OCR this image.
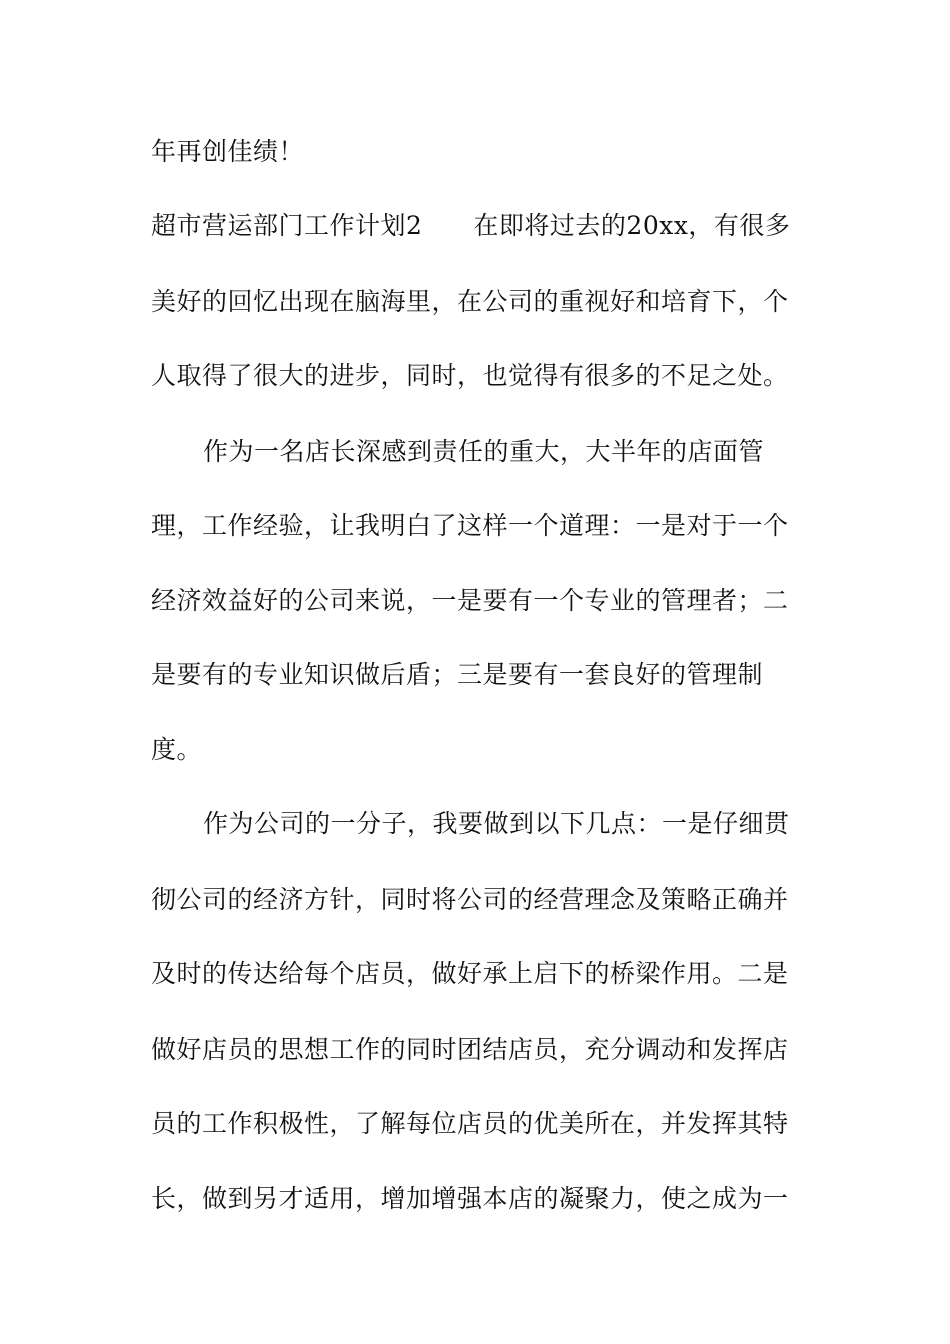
年再创佳绩！

超市营运部门工作计划2　　在即将过去的20xx，有很多

美好的回忆出现在脑海里，在公司的重视好和培育下，个

人取得了很大的进步，同时，也觉得有很多的不足之处。

作为一名店长深感到责任的重大，大半年的店面管

理，工作经验，让我明白了这样一个道理：一是对于一个

经济效益好的公司来说，一是要有一个专业的管理者；二

是要有的专业知识做后盾；三是要有一套良好的管理制

度。

作为公司的一分子，我要做到以下几点：一是仔细贯

彻公司的经济方针，同时将公司的经营理念及策略正确并

及时的传达给每个店员，做好承上启下的桥梁作用。二是

做好店员的思想工作的同时团结店员，充分调动和发挥店

员的工作积极性，了解每位店员的优美所在，并发挥其特

长，做到另才适用，增加增强本店的凝聚力，使之成为一
